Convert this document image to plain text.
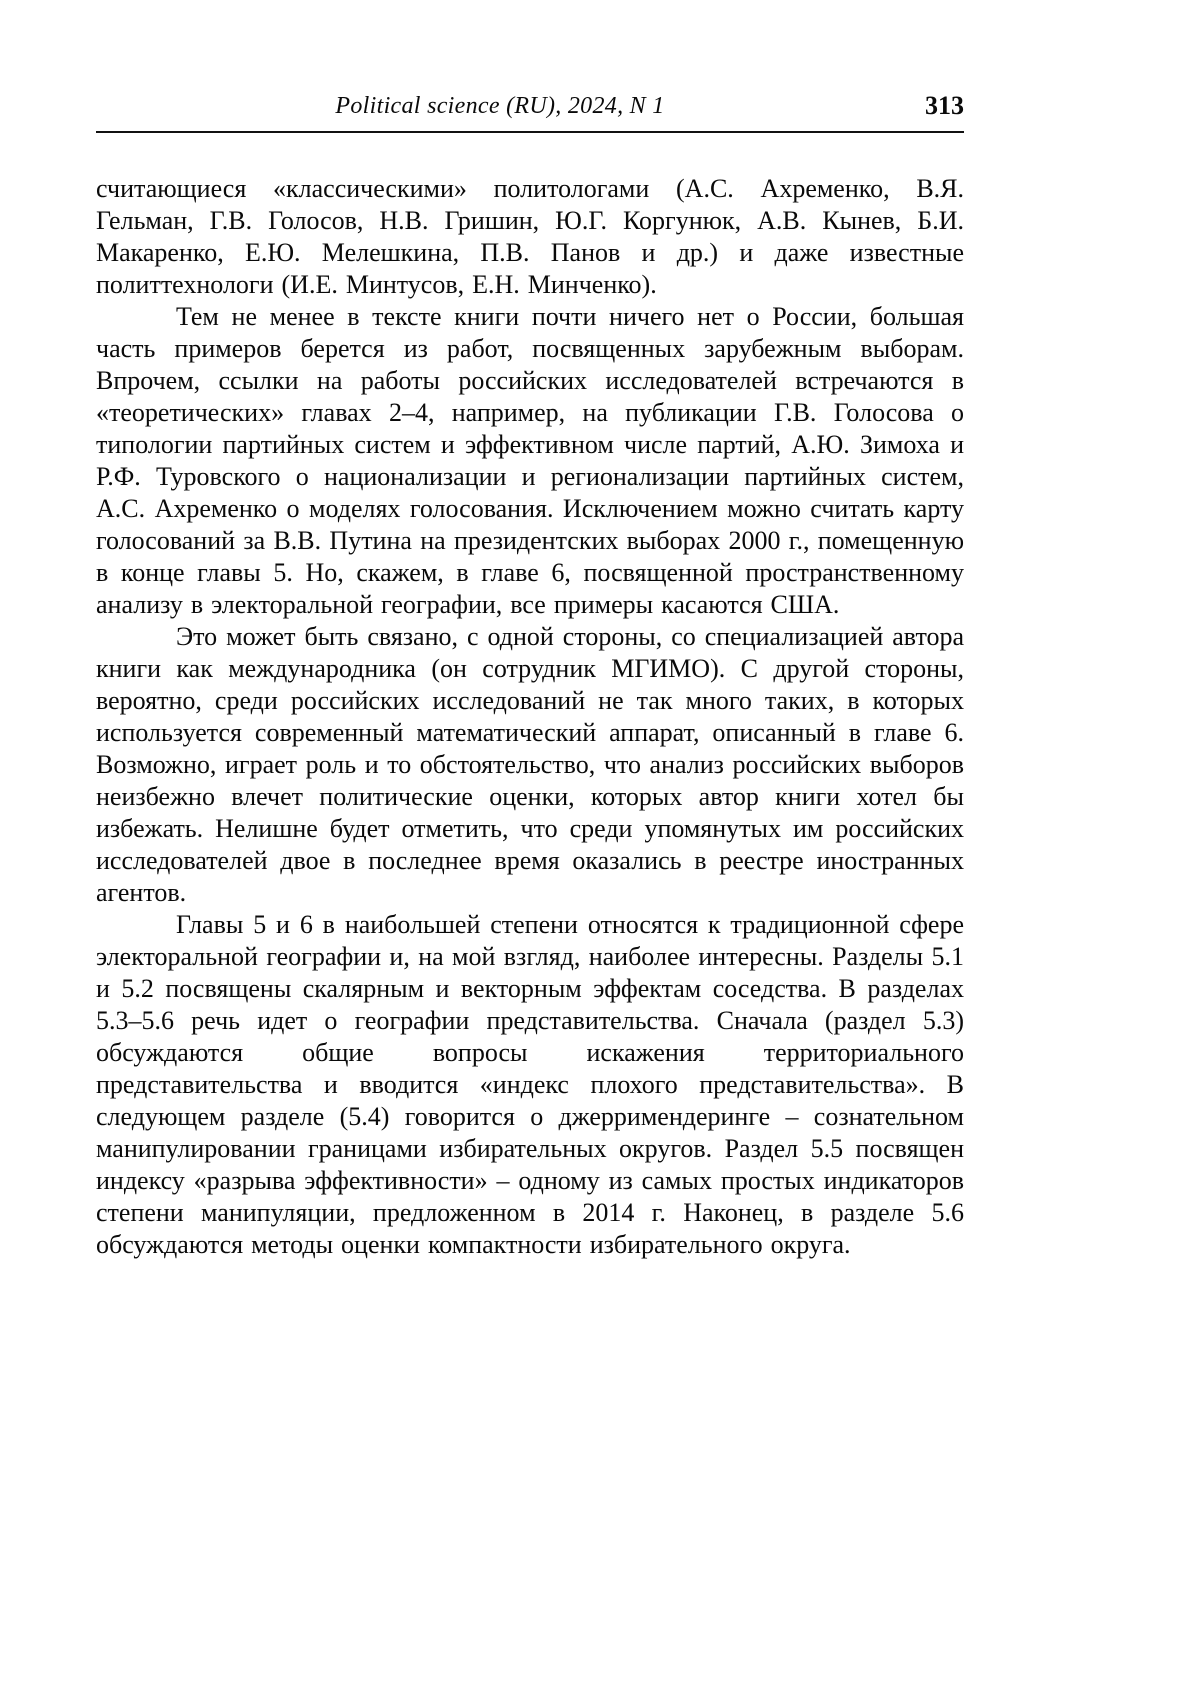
Political science (RU), 2024, N 1	313

считающиеся «классическими» политологами (А.С. Ахременко, В.Я. Гельман, Г.В. Голосов, Н.В. Гришин, Ю.Г. Коргунюк, А.В. Кынев, Б.И. Макаренко, Е.Ю. Мелешкина, П.В. Панов и др.) и даже известные политтехнологи (И.Е. Минтусов, Е.Н. Минченко).

Тем не менее в тексте книги почти ничего нет о России, большая часть примеров берется из работ, посвященных зарубежным выборам. Впрочем, ссылки на работы российских исследователей встречаются в «теоретических» главах 2–4, например, на публикации Г.В. Голосова о типологии партийных систем и эффективном числе партий, А.Ю. Зимоха и Р.Ф. Туровского о национализации и регионализации партийных систем, А.С. Ахременко о моделях голосования. Исключением можно считать карту голосований за В.В. Путина на президентских выборах 2000 г., помещенную в конце главы 5. Но, скажем, в главе 6, посвященной пространственному анализу в электоральной географии, все примеры касаются США.

Это может быть связано, с одной стороны, со специализацией автора книги как международника (он сотрудник МГИМО). С другой стороны, вероятно, среди российских исследований не так много таких, в которых используется современный математический аппарат, описанный в главе 6. Возможно, играет роль и то обстоятельство, что анализ российских выборов неизбежно влечет политические оценки, которых автор книги хотел бы избежать. Нелишне будет отметить, что среди упомянутых им российских исследователей двое в последнее время оказались в реестре иностранных агентов.

Главы 5 и 6 в наибольшей степени относятся к традиционной сфере электоральной географии и, на мой взгляд, наиболее интересны. Разделы 5.1 и 5.2 посвящены скалярным и векторным эффектам соседства. В разделах 5.3–5.6 речь идет о географии представительства. Сначала (раздел 5.3) обсуждаются общие вопросы искажения территориального представительства и вводится «индекс плохого представительства». В следующем разделе (5.4) говорится о джерримендеринге – сознательном манипулировании границами избирательных округов. Раздел 5.5 посвящен индексу «разрыва эффективности» – одному из самых простых индикаторов степени манипуляции, предложенном в 2014 г. Наконец, в разделе 5.6 обсуждаются методы оценки компактности избирательного округа.
